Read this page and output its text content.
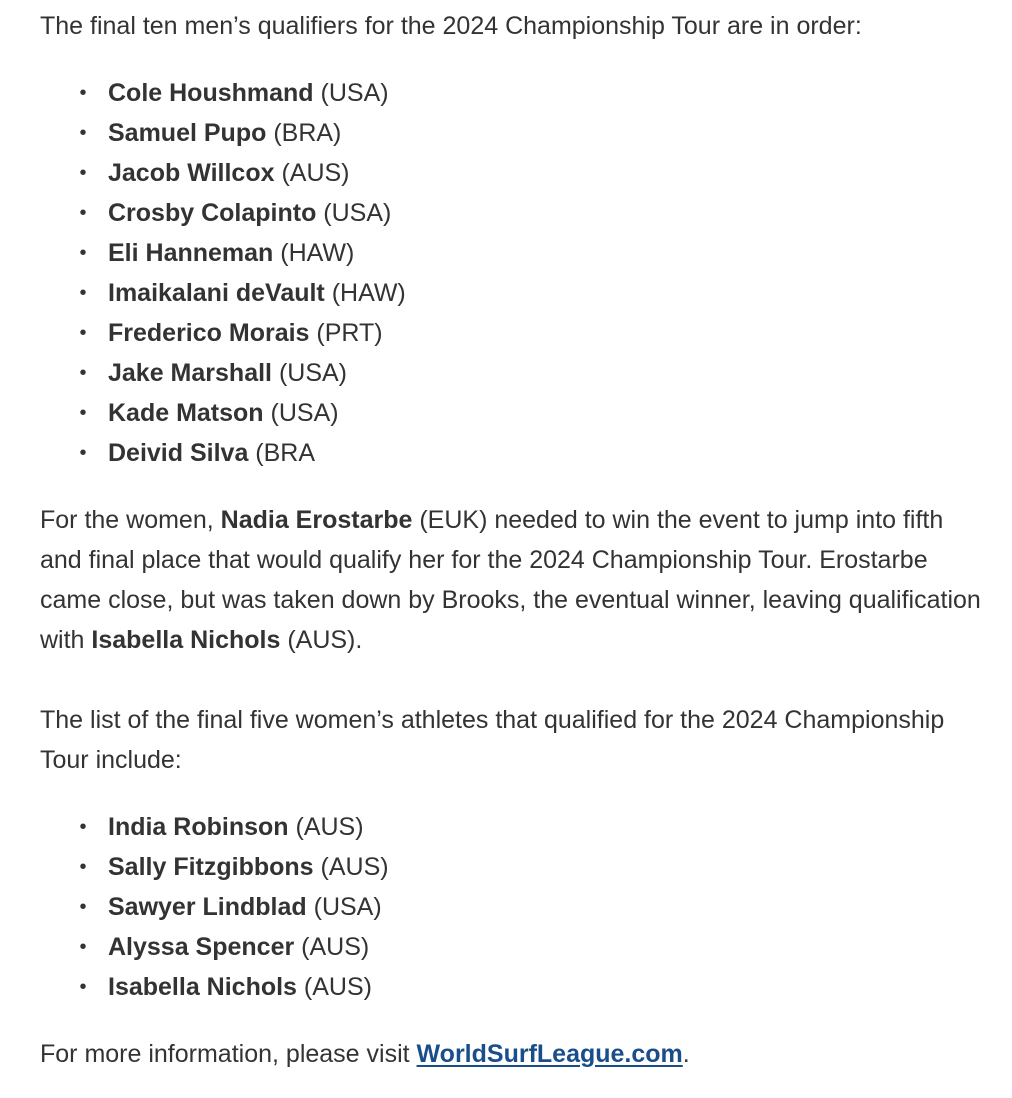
The final ten men’s qualifiers for the 2024 Championship Tour are in order:

• Cole Houshmand (USA)
• Samuel Pupo (BRA)
• Jacob Willcox (AUS)
• Crosby Colapinto (USA)
• Eli Hanneman (HAW)
• Imaikalani deVault (HAW)
• Frederico Morais (PRT)
• Jake Marshall (USA)
• Kade Matson (USA)
• Deivid Silva (BRA

For the women, Nadia Erostarbe (EUK) needed to win the event to jump into fifth and final place that would qualify her for the 2024 Championship Tour. Erostarbe came close, but was taken down by Brooks, the eventual winner, leaving qualification with Isabella Nichols (AUS).

The list of the final five women’s athletes that qualified for the 2024 Championship Tour include:

• India Robinson (AUS)
• Sally Fitzgibbons (AUS)
• Sawyer Lindblad (USA)
• Alyssa Spencer (AUS)
• Isabella Nichols (AUS)

For more information, please visit WorldSurfLeague.com.
